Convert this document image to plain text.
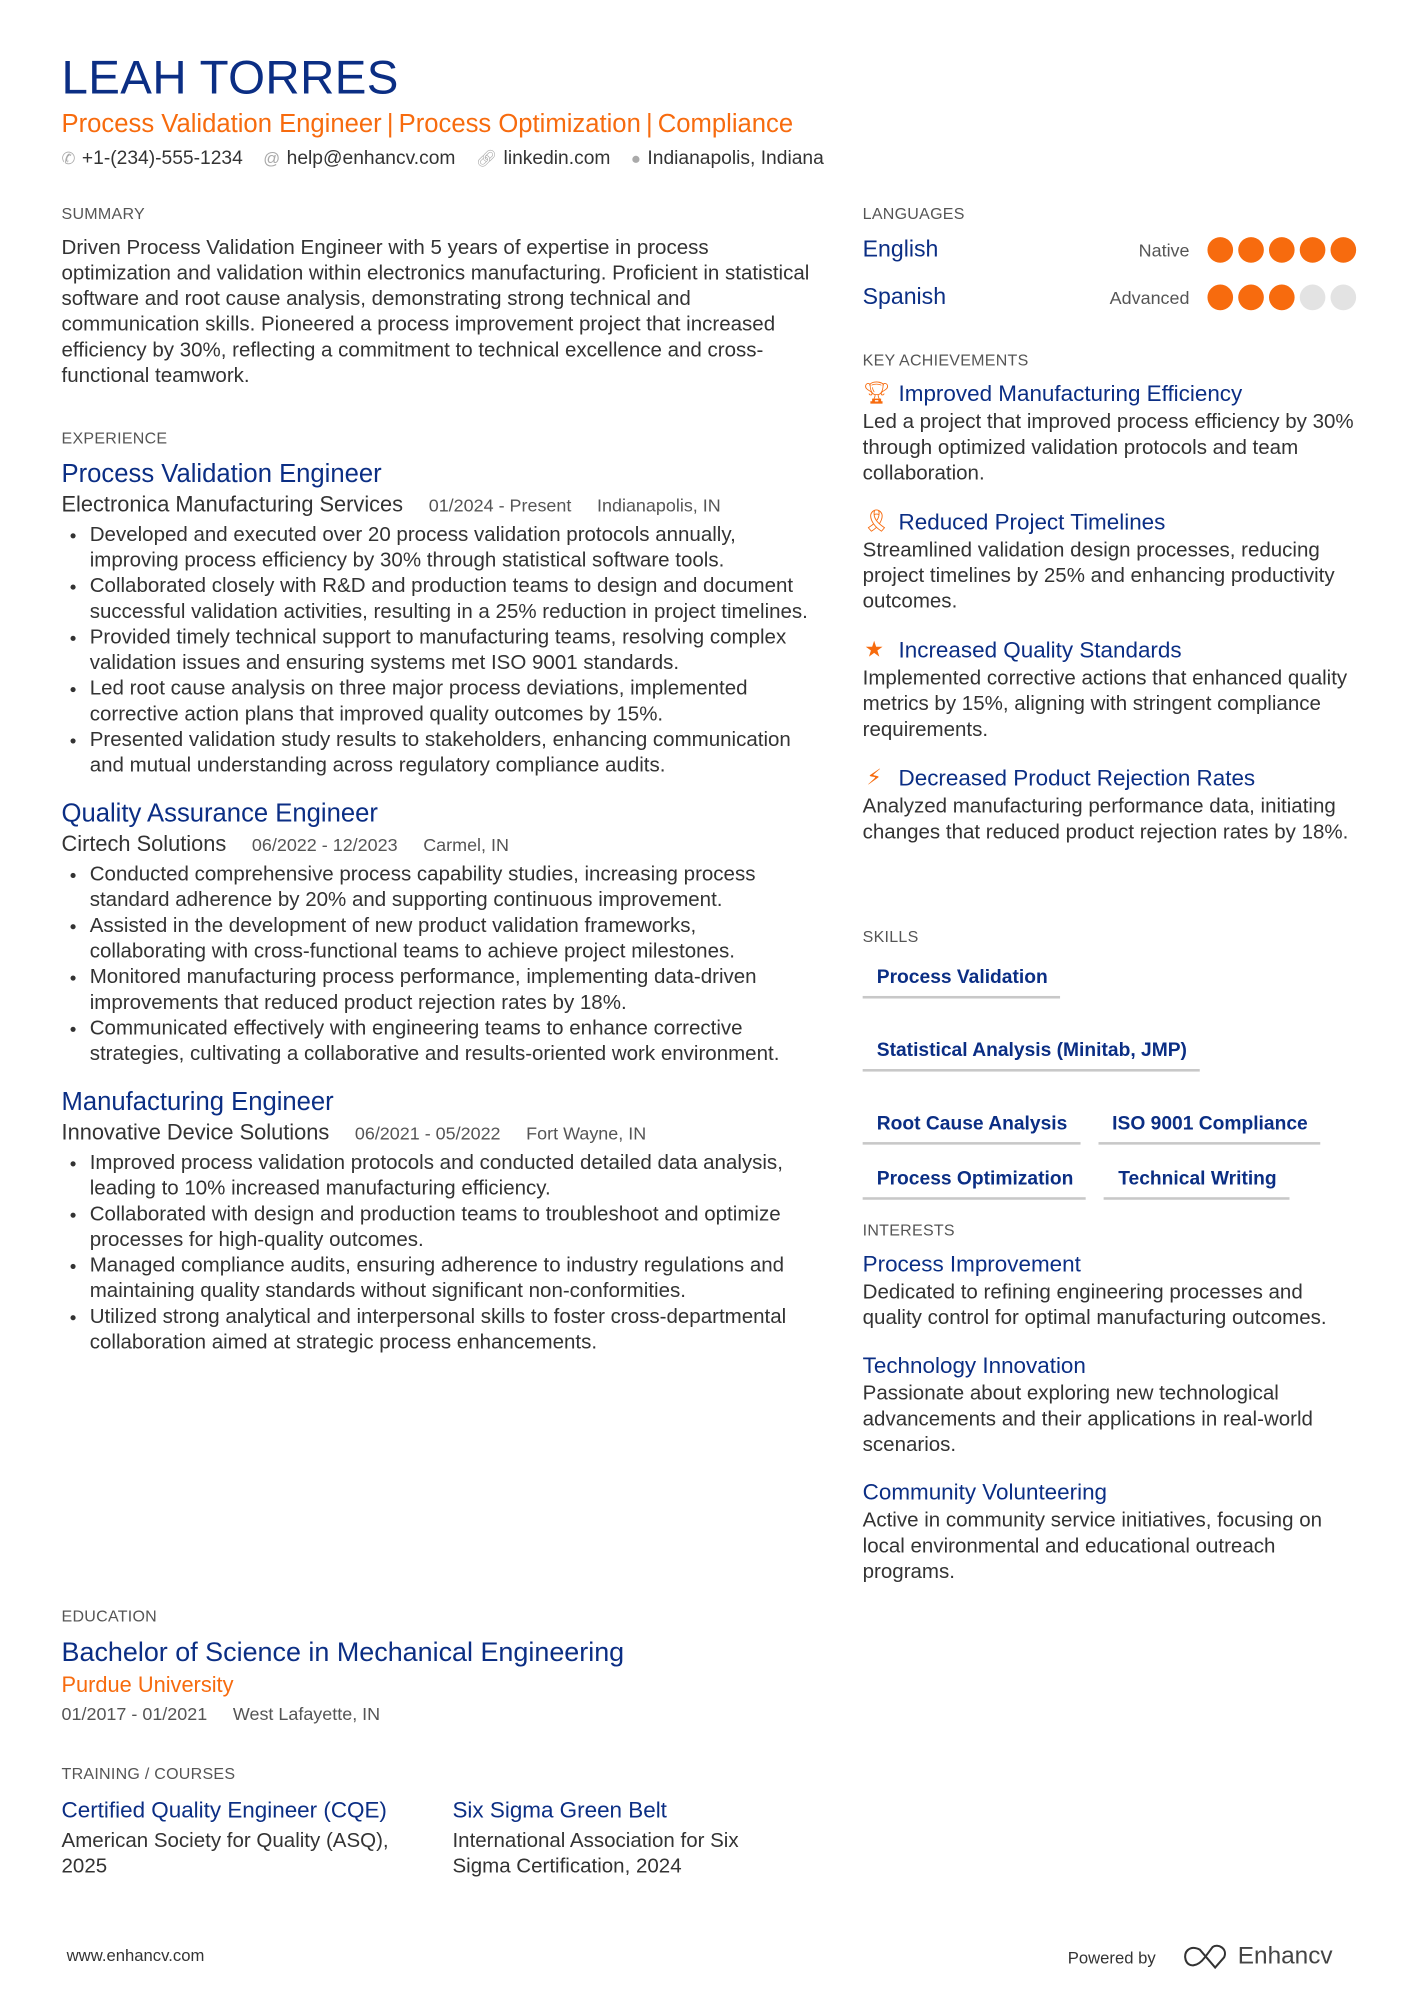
LEAH TORRES
Process Validation Engineer | Process Optimization | Compliance
✆ +1-(234)-555-1234 @ help@enhancv.com 🔗︎ linkedin.com ● Indianapolis, Indiana
SUMMARY
Driven Process Validation Engineer with 5 years of expertise in process optimization and validation within electronics manufacturing. Proficient in statistical software and root cause analysis, demonstrating strong technical and communication skills. Pioneered a process improvement project that increased efficiency by 30%, reflecting a commitment to technical excellence and cross-functional teamwork.
EXPERIENCE
Process Validation Engineer
Electronica Manufacturing Services 01/2024 - Present Indianapolis, IN
• Developed and executed over 20 process validation protocols annually, improving process efficiency by 30% through statistical software tools.
• Collaborated closely with R&D and production teams to design and document successful validation activities, resulting in a 25% reduction in project timelines.
• Provided timely technical support to manufacturing teams, resolving complex validation issues and ensuring systems met ISO 9001 standards.
• Led root cause analysis on three major process deviations, implemented corrective action plans that improved quality outcomes by 15%.
• Presented validation study results to stakeholders, enhancing communication and mutual understanding across regulatory compliance audits.
Quality Assurance Engineer
Cirtech Solutions 06/2022 - 12/2023 Carmel, IN
• Conducted comprehensive process capability studies, increasing process standard adherence by 20% and supporting continuous improvement.
• Assisted in the development of new product validation frameworks, collaborating with cross-functional teams to achieve project milestones.
• Monitored manufacturing process performance, implementing data-driven improvements that reduced product rejection rates by 18%.
• Communicated effectively with engineering teams to enhance corrective strategies, cultivating a collaborative and results-oriented work environment.
Manufacturing Engineer
Innovative Device Solutions 06/2021 - 05/2022 Fort Wayne, IN
• Improved process validation protocols and conducted detailed data analysis, leading to 10% increased manufacturing efficiency.
• Collaborated with design and production teams to troubleshoot and optimize processes for high-quality outcomes.
• Managed compliance audits, ensuring adherence to industry regulations and maintaining quality standards without significant non-conformities.
• Utilized strong analytical and interpersonal skills to foster cross-departmental collaboration aimed at strategic process enhancements.
EDUCATION
Bachelor of Science in Mechanical Engineering
Purdue University
01/2017 - 01/2021 West Lafayette, IN
TRAINING / COURSES
Certified Quality Engineer (CQE)
American Society for Quality (ASQ), 2025
Six Sigma Green Belt
International Association for Six Sigma Certification, 2024
LANGUAGES
English	Native
Spanish	Advanced
KEY ACHIEVEMENTS
🏆︎ Improved Manufacturing Efficiency
Led a project that improved process efficiency by 30% through optimized validation protocols and team collaboration.
🎗︎ Reduced Project Timelines
Streamlined validation design processes, reducing project timelines by 25% and enhancing productivity outcomes.
★ Increased Quality Standards
Implemented corrective actions that enhanced quality metrics by 15%, aligning with stringent compliance requirements.
⚡︎ Decreased Product Rejection Rates
Analyzed manufacturing performance data, initiating changes that reduced product rejection rates by 18%.
SKILLS
Process Validation
Statistical Analysis (Minitab, JMP)
Root Cause Analysis	ISO 9001 Compliance
Process Optimization	Technical Writing
INTERESTS
Process Improvement
Dedicated to refining engineering processes and quality control for optimal manufacturing outcomes.
Technology Innovation
Passionate about exploring new technological advancements and their applications in real-world scenarios.
Community Volunteering
Active in community service initiatives, focusing on local environmental and educational outreach programs.
www.enhancv.com	Powered by	Enhancv
